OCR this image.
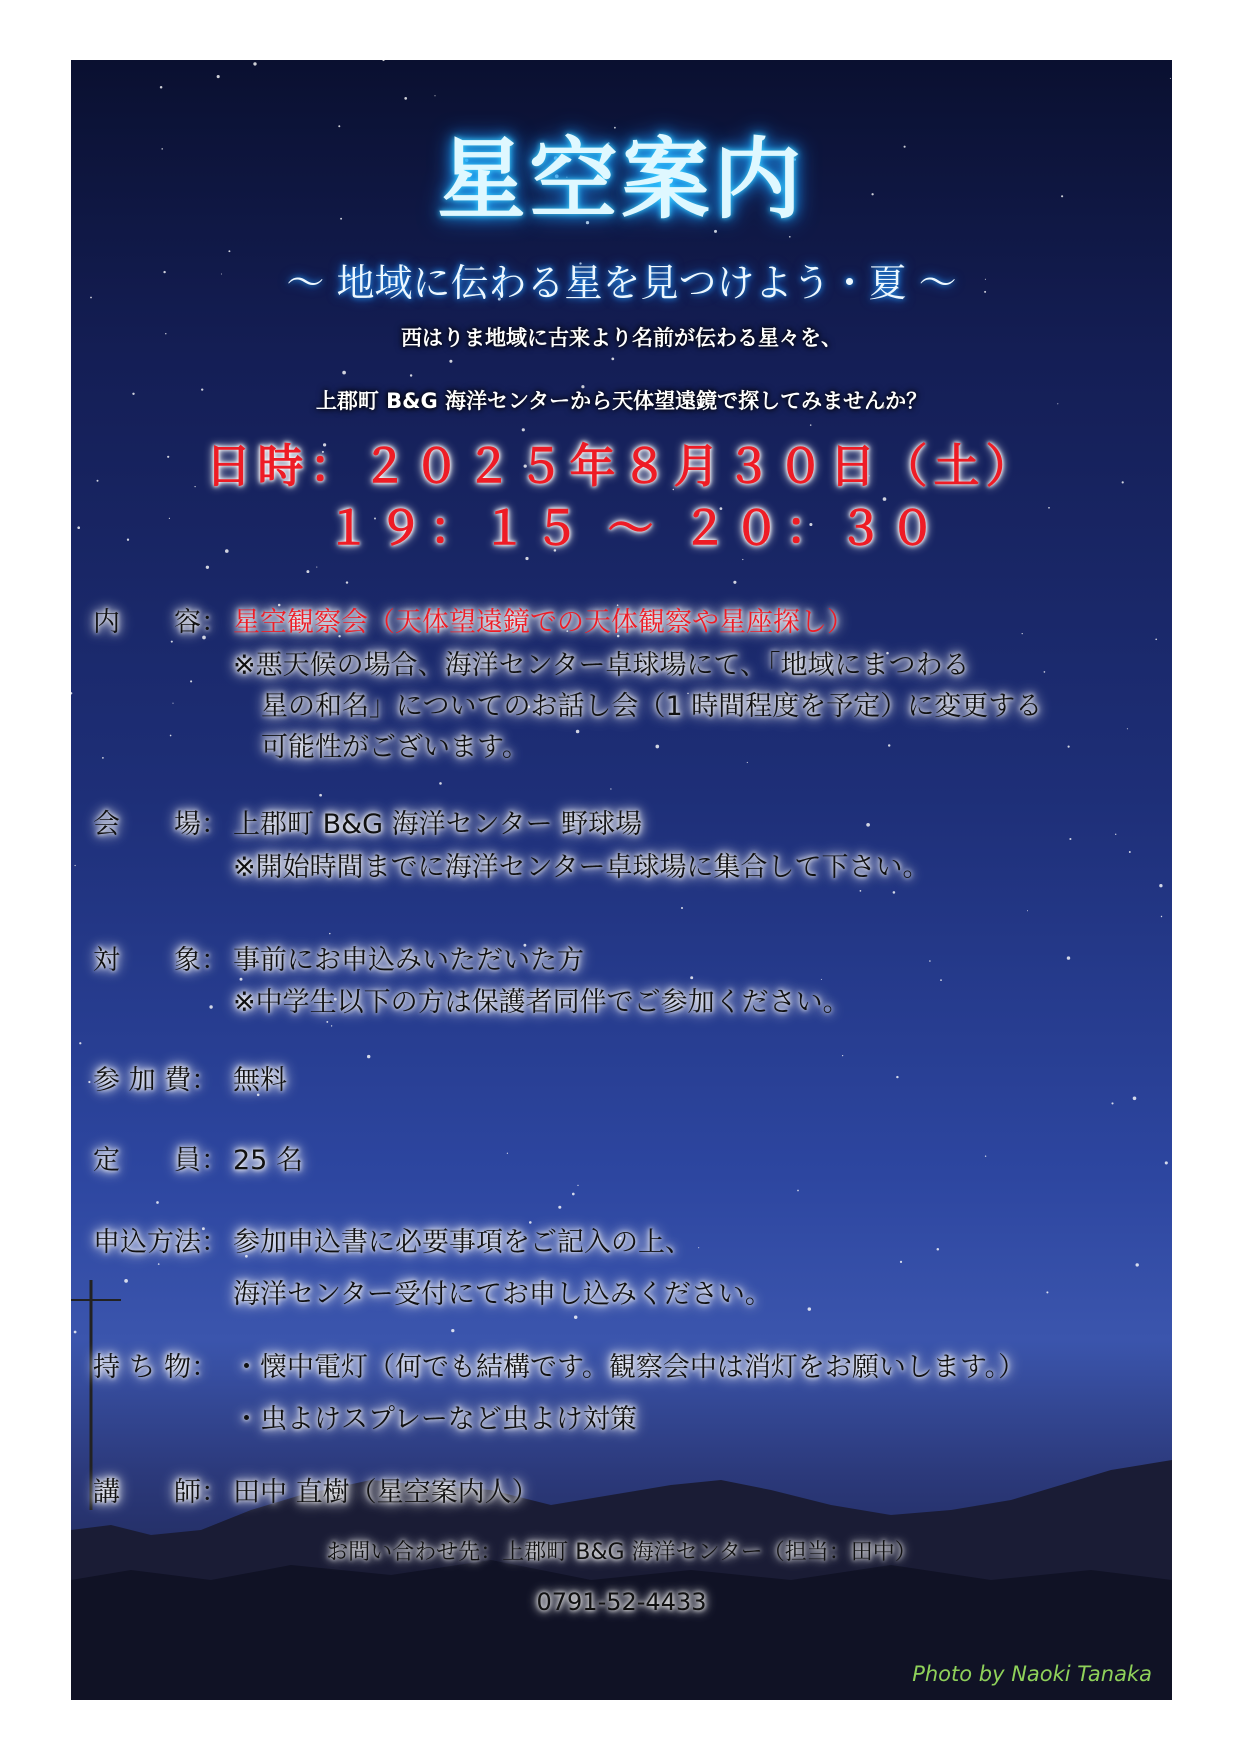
星空案内
～ 地域に伝わる星を見つけよう・夏 ～
西はりま地域に古来より名前が伝わる星々を、
上郡町 B&G 海洋センターから天体望遠鏡で探してみませんか？
日時：２０２５年８月３０日（土）
１９：１５ ～ ２０：３０
内　　容： 星空観察会（天体望遠鏡での天体観察や星座探し）
※悪天候の場合、海洋センター卓球場にて、「地域にまつわる
星の和名」についてのお話し会（1 時間程度を予定）に変更する
可能性がございます。
会　　場： 上郡町 B&G 海洋センター 野球場
※開始時間までに海洋センター卓球場に集合して下さい。
対　　象： 事前にお申込みいただいた方
※中学生以下の方は保護者同伴でご参加ください。
参 加 費： 無料
定　　員： 25 名
申込方法： 参加申込書に必要事項をご記入の上、
海洋センター受付にてお申し込みください。
持 ち 物： ・懐中電灯（何でも結構です。観察会中は消灯をお願いします。）
・虫よけスプレーなど虫よけ対策
講　　師： 田中 直樹（星空案内人）
お問い合わせ先：上郡町 B&G 海洋センター（担当：田中）
0791-52-4433
Photo by Naoki Tanaka
